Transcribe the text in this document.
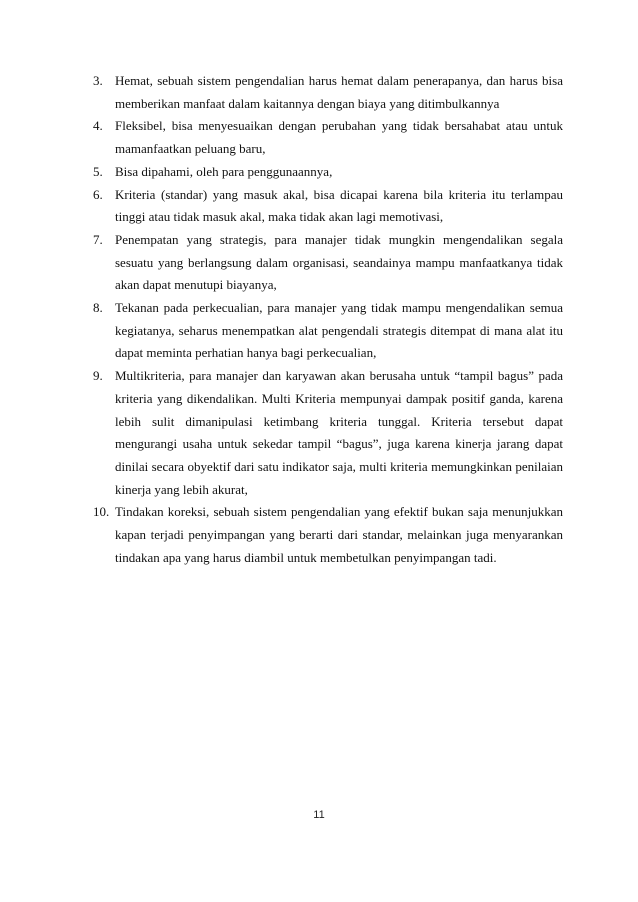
3. Hemat, sebuah sistem pengendalian harus hemat dalam penerapanya, dan harus bisa memberikan manfaat dalam kaitannya dengan biaya yang ditimbulkannya
4. Fleksibel, bisa menyesuaikan dengan perubahan yang tidak bersahabat atau untuk mamanfaatkan peluang baru,
5. Bisa dipahami, oleh para penggunaannya,
6. Kriteria (standar) yang masuk akal, bisa dicapai karena bila kriteria itu terlampau tinggi atau tidak masuk akal, maka tidak akan lagi memotivasi,
7. Penempatan yang strategis, para manajer tidak mungkin mengendalikan segala sesuatu yang berlangsung dalam organisasi, seandainya mampu manfaatkanya tidak akan dapat menutupi biayanya,
8. Tekanan pada perkecualian, para manajer yang tidak mampu mengendalikan semua kegiatanya, seharus menempatkan alat pengendali strategis ditempat di mana alat itu dapat meminta perhatian hanya bagi perkecualian,
9. Multikriteria, para manajer dan karyawan akan berusaha untuk “tampil bagus” pada kriteria yang dikendalikan. Multi Kriteria mempunyai dampak positif ganda, karena lebih sulit dimanipulasi ketimbang kriteria tunggal. Kriteria tersebut dapat mengurangi usaha untuk sekedar tampil “bagus”, juga karena kinerja jarang dapat dinilai secara obyektif dari satu indikator saja, multi kriteria memungkinkan penilaian kinerja yang lebih akurat,
10. Tindakan koreksi, sebuah sistem pengendalian yang efektif bukan saja menunjukkan kapan terjadi penyimpangan yang berarti dari standar, melainkan juga menyarankan tindakan apa yang harus diambil untuk membetulkan penyimpangan tadi.
11
